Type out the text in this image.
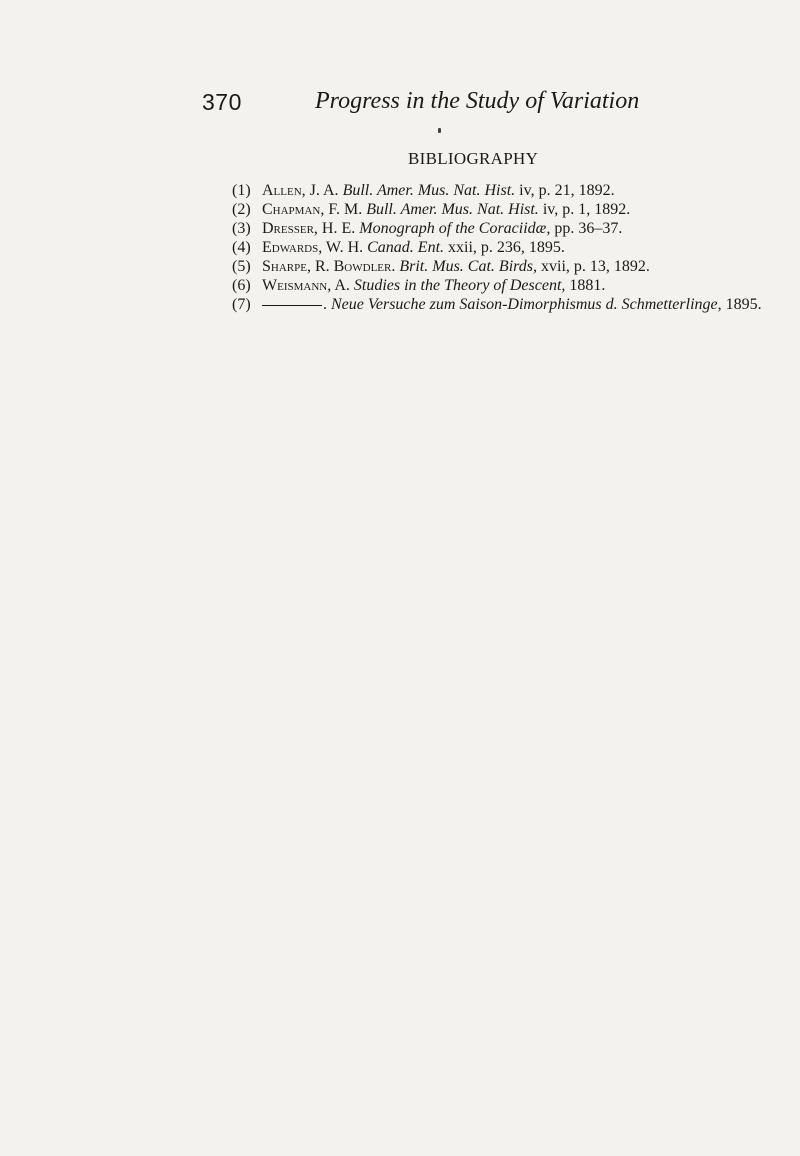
370	Progress in the Study of Variation
BIBLIOGRAPHY
(1) Allen, J. A. Bull. Amer. Mus. Nat. Hist. iv, p. 21, 1892.
(2) Chapman, F. M. Bull. Amer. Mus. Nat. Hist. iv, p. 1, 1892.
(3) Dresser, H. E. Monograph of the Coraciidæ, pp. 36–37.
(4) Edwards, W. H. Canad. Ent. xxii, p. 236, 1895.
(5) Sharpe, R. Bowdler. Brit. Mus. Cat. Birds, xvii, p. 13, 1892.
(6) Weismann, A. Studies in the Theory of Descent, 1881.
(7)	. Neue Versuche zum Saison-Dimorphismus d. Schmetterlinge, 1895.
